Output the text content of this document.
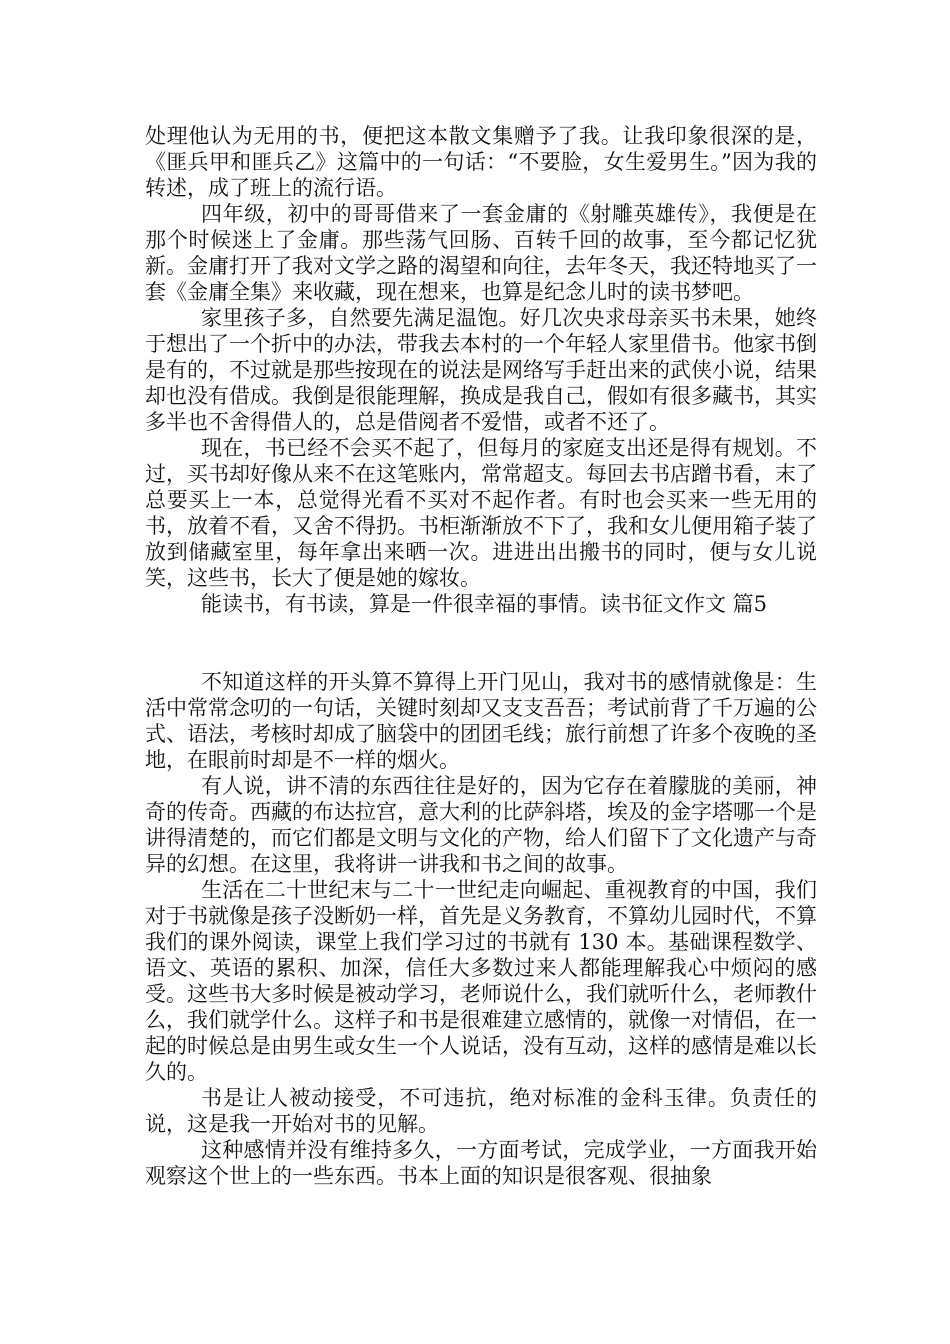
处理他认为无用的书，便把这本散文集赠予了我。让我印象很深的是，《匪兵甲和匪兵乙》这篇中的一句话：“不要脸，女生爱男生。”因为我的转述，成了班上的流行语。

四年级，初中的哥哥借来了一套金庸的《射雕英雄传》，我便是在那个时候迷上了金庸。那些荡气回肠、百转千回的故事，至今都记忆犹新。金庸打开了我对文学之路的渴望和向往，去年冬天，我还特地买了一套《金庸全集》来收藏，现在想来，也算是纪念儿时的读书梦吧。

家里孩子多，自然要先满足温饱。好几次央求母亲买书未果，她终于想出了一个折中的办法，带我去本村的一个年轻人家里借书。他家书倒是有的，不过就是那些按现在的说法是网络写手赶出来的武侠小说，结果却也没有借成。我倒是很能理解，换成是我自己，假如有很多藏书，其实多半也不舍得借人的，总是借阅者不爱惜，或者不还了。

现在，书已经不会买不起了，但每月的家庭支出还是得有规划。不过，买书却好像从来不在这笔账内，常常超支。每回去书店蹭书看，末了总要买上一本，总觉得光看不买对不起作者。有时也会买来一些无用的书，放着不看，又舍不得扔。书柜渐渐放不下了，我和女儿便用箱子装了放到储藏室里，每年拿出来晒一次。进进出出搬书的同时，便与女儿说笑，这些书，长大了便是她的嫁妆。

能读书，有书读，算是一件很幸福的事情。读书征文作文 篇5

不知道这样的开头算不算得上开门见山，我对书的感情就像是：生活中常常念叨的一句话，关键时刻却又支支吾吾；考试前背了千万遍的公式、语法，考核时却成了脑袋中的团团毛线；旅行前想了许多个夜晚的圣地，在眼前时却是不一样的烟火。

有人说，讲不清的东西往往是好的，因为它存在着朦胧的美丽，神奇的传奇。西藏的布达拉宫，意大利的比萨斜塔，埃及的金字塔哪一个是讲得清楚的，而它们都是文明与文化的产物，给人们留下了文化遗产与奇异的幻想。在这里，我将讲一讲我和书之间的故事。

生活在二十世纪末与二十一世纪走向崛起、重视教育的中国，我们对于书就像是孩子没断奶一样，首先是义务教育，不算幼儿园时代，不算我们的课外阅读，课堂上我们学习过的书就有 130 本。基础课程数学、语文、英语的累积、加深，信任大多数过来人都能理解我心中烦闷的感受。这些书大多时候是被动学习，老师说什么，我们就听什么，老师教什么，我们就学什么。这样子和书是很难建立感情的，就像一对情侣，在一起的时候总是由男生或女生一个人说话，没有互动，这样的感情是难以长久的。

书是让人被动接受，不可违抗，绝对标准的金科玉律。负责任的说，这是我一开始对书的见解。

这种感情并没有维持多久，一方面考试，完成学业，一方面我开始观察这个世上的一些东西。书本上面的知识是很客观、很抽象
